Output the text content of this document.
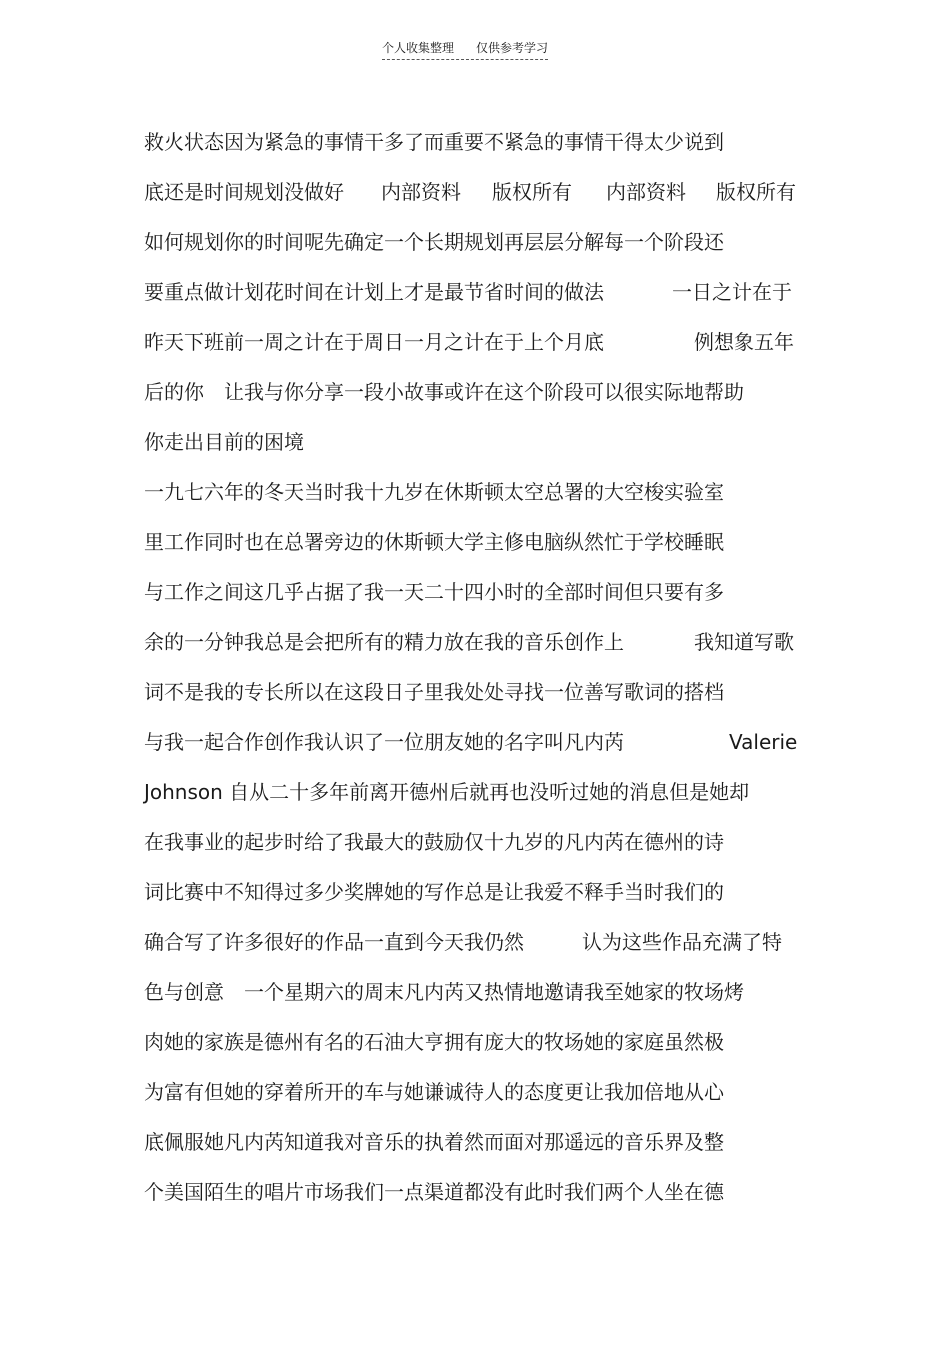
个人收集整理 仅供参考学习

救火状态因为紧急的事情干多了而重要不紧急的事情干得太少说到

底还是时间规划没做好

内部资料

版权所有

内部资料

版权所有

如何规划你的时间呢先确定一个长期规划再层层分解每一个阶段还

要重点做计划花时间在计划上才是最节省时间的做法

	一日之计在于

昨天下班前一周之计在于周日一月之计在于上个月底

	例想象五年

后的你

让我与你分享一段小故事或许在这个阶段可以很实际地帮助

你走出目前的困境

一九七六年的冬天当时我十九岁在休斯顿太空总署的大空梭实验室

里工作同时也在总署旁边的休斯顿大学主修电脑纵然忙于学校睡眠

与工作之间这几乎占据了我一天二十四小时的全部时间但只要有多

余的一分钟我总是会把所有的精力放在我的音乐创作上

	我知道写歌

词不是我的专长所以在这段日子里我处处寻找一位善写歌词的搭档

与我一起合作创作我认识了一位朋友她的名字叫凡内芮

	Valerie

Johnson 自从二十多年前离开德州后就再也没听过她的消息但是她却

在我事业的起步时给了我最大的鼓励仅十九岁的凡内芮在德州的诗

词比赛中不知得过多少奖牌她的写作总是让我爱不释手当时我们的

确合写了许多很好的作品一直到今天我仍然

	认为这些作品充满了特

色与创意

一个星期六的周末凡内芮又热情地邀请我至她家的牧场烤

肉她的家族是德州有名的石油大亨拥有庞大的牧场她的家庭虽然极

为富有但她的穿着所开的车与她谦诚待人的态度更让我加倍地从心

底佩服她凡内芮知道我对音乐的执着然而面对那遥远的音乐界及整

个美国陌生的唱片市场我们一点渠道都没有此时我们两个人坐在德
